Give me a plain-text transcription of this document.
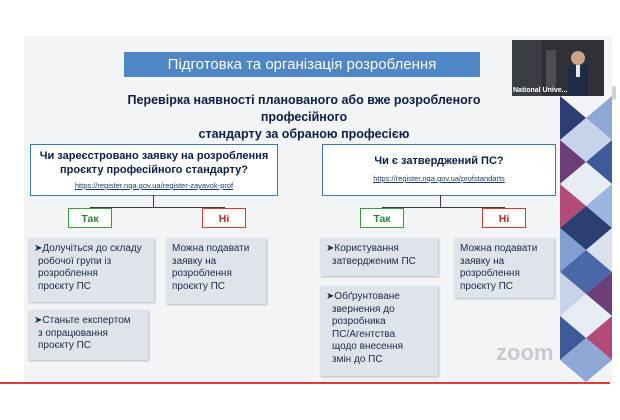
Підготовка та організація розроблення
Перевірка наявності планованого або вже розробленого професійного
стандарту за обраною професією
Чи зареєстровано заявку на розроблення
проєкту професійного стандарту?
https://register.nqa.gov.ua/register-zayavok-prof
Чи є затверджений ПС?
https://register.nqa.gov.ua/profstandarts
Так	Ні	Так	Ні
➤Долучіться до складу
робочої групи із
розроблення
проєкту ПС
➤Станьте експертом
з опрацювання
проєкту ПС
Можна подавати
заявку на
розроблення
проєкту ПС
➤Користування
затвердженим ПС
➤Обґрунтоване
звернення до
розробника
ПС/Агентства
щодо внесення
змін до ПС
Можна подавати
заявку на
розроблення
проєкту ПС
National Unive...
zoom
